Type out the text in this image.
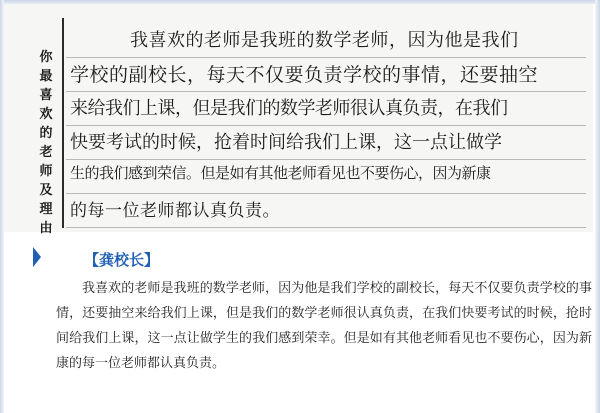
你最喜欢的老师及理由
我喜欢的老师是我班的数学老师，因为他是我们
学校的副校长，每天不仅要负责学校的事情，还要抽空
来给我们上课，但是我们的数学老师很认真负责，在我们
快要考试的时候，抢着时间给我们上课，这一点让做学
生的我们感到荣信。但是如有其他老师看见也不要伤心，因为新康
的每一位老师都认真负责。
【龚校长】

我喜欢的老师是我班的数学老师，因为他是我们学校的副校长，每天不仅要负责学校的事情，还要抽空来给我们上课，但是我们的数学老师很认真负责，在我们快要考试的时候，抢时间给我们上课，这一点让做学生的我们感到荣幸。但是如有其他老师看见也不要伤心，因为新康的每一位老师都认真负责。
